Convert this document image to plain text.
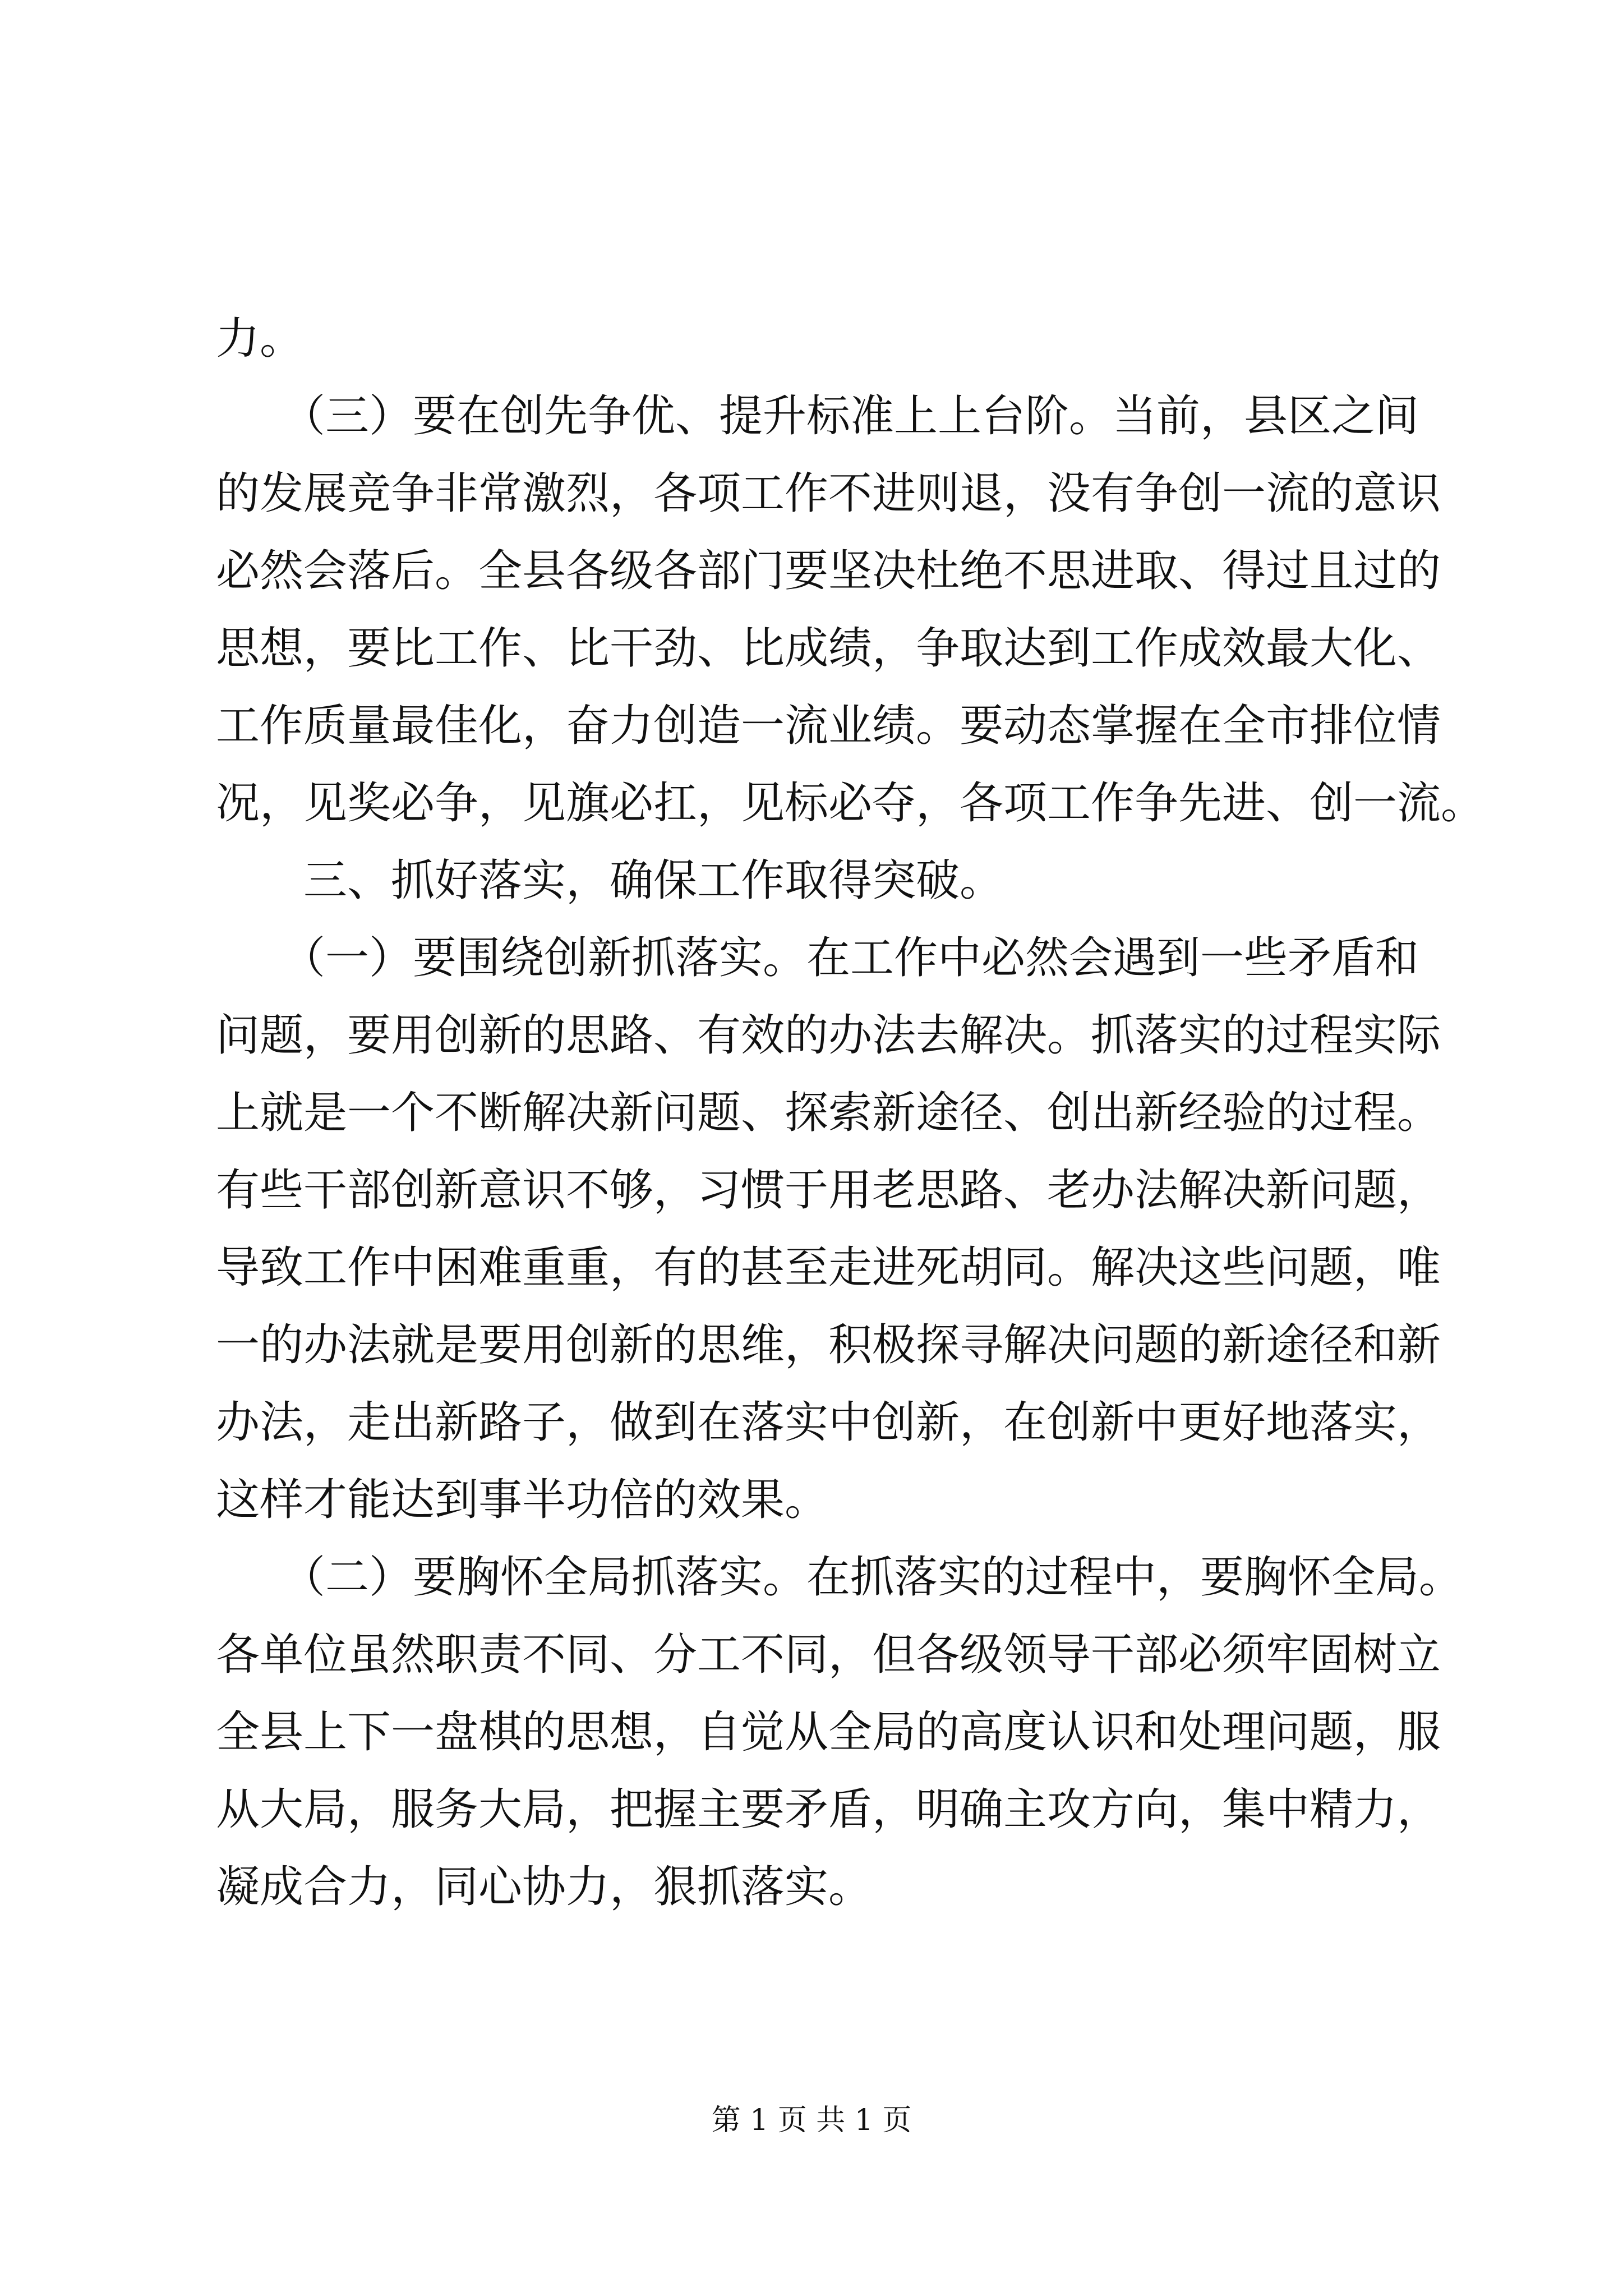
力。
　　（三）要在创先争优、提升标准上上台阶。当前，县区之间
的发展竞争非常激烈，各项工作不进则退，没有争创一流的意识
必然会落后。全县各级各部门要坚决杜绝不思进取、得过且过的
思想，要比工作、比干劲、比成绩，争取达到工作成效最大化、
工作质量最佳化，奋力创造一流业绩。要动态掌握在全市排位情
况，见奖必争，见旗必扛，见标必夺，各项工作争先进、创一流。
　　三、抓好落实，确保工作取得突破。
　　（一）要围绕创新抓落实。在工作中必然会遇到一些矛盾和
问题，要用创新的思路、有效的办法去解决。抓落实的过程实际
上就是一个不断解决新问题、探索新途径、创出新经验的过程。
有些干部创新意识不够，习惯于用老思路、老办法解决新问题，
导致工作中困难重重，有的甚至走进死胡同。解决这些问题，唯
一的办法就是要用创新的思维，积极探寻解决问题的新途径和新
办法，走出新路子，做到在落实中创新，在创新中更好地落实，
这样才能达到事半功倍的效果。
　　（二）要胸怀全局抓落实。在抓落实的过程中，要胸怀全局。
各单位虽然职责不同、分工不同，但各级领导干部必须牢固树立
全县上下一盘棋的思想，自觉从全局的高度认识和处理问题，服
从大局，服务大局，把握主要矛盾，明确主攻方向，集中精力，
凝成合力，同心协力，狠抓落实。
第 1 页 共 1 页
